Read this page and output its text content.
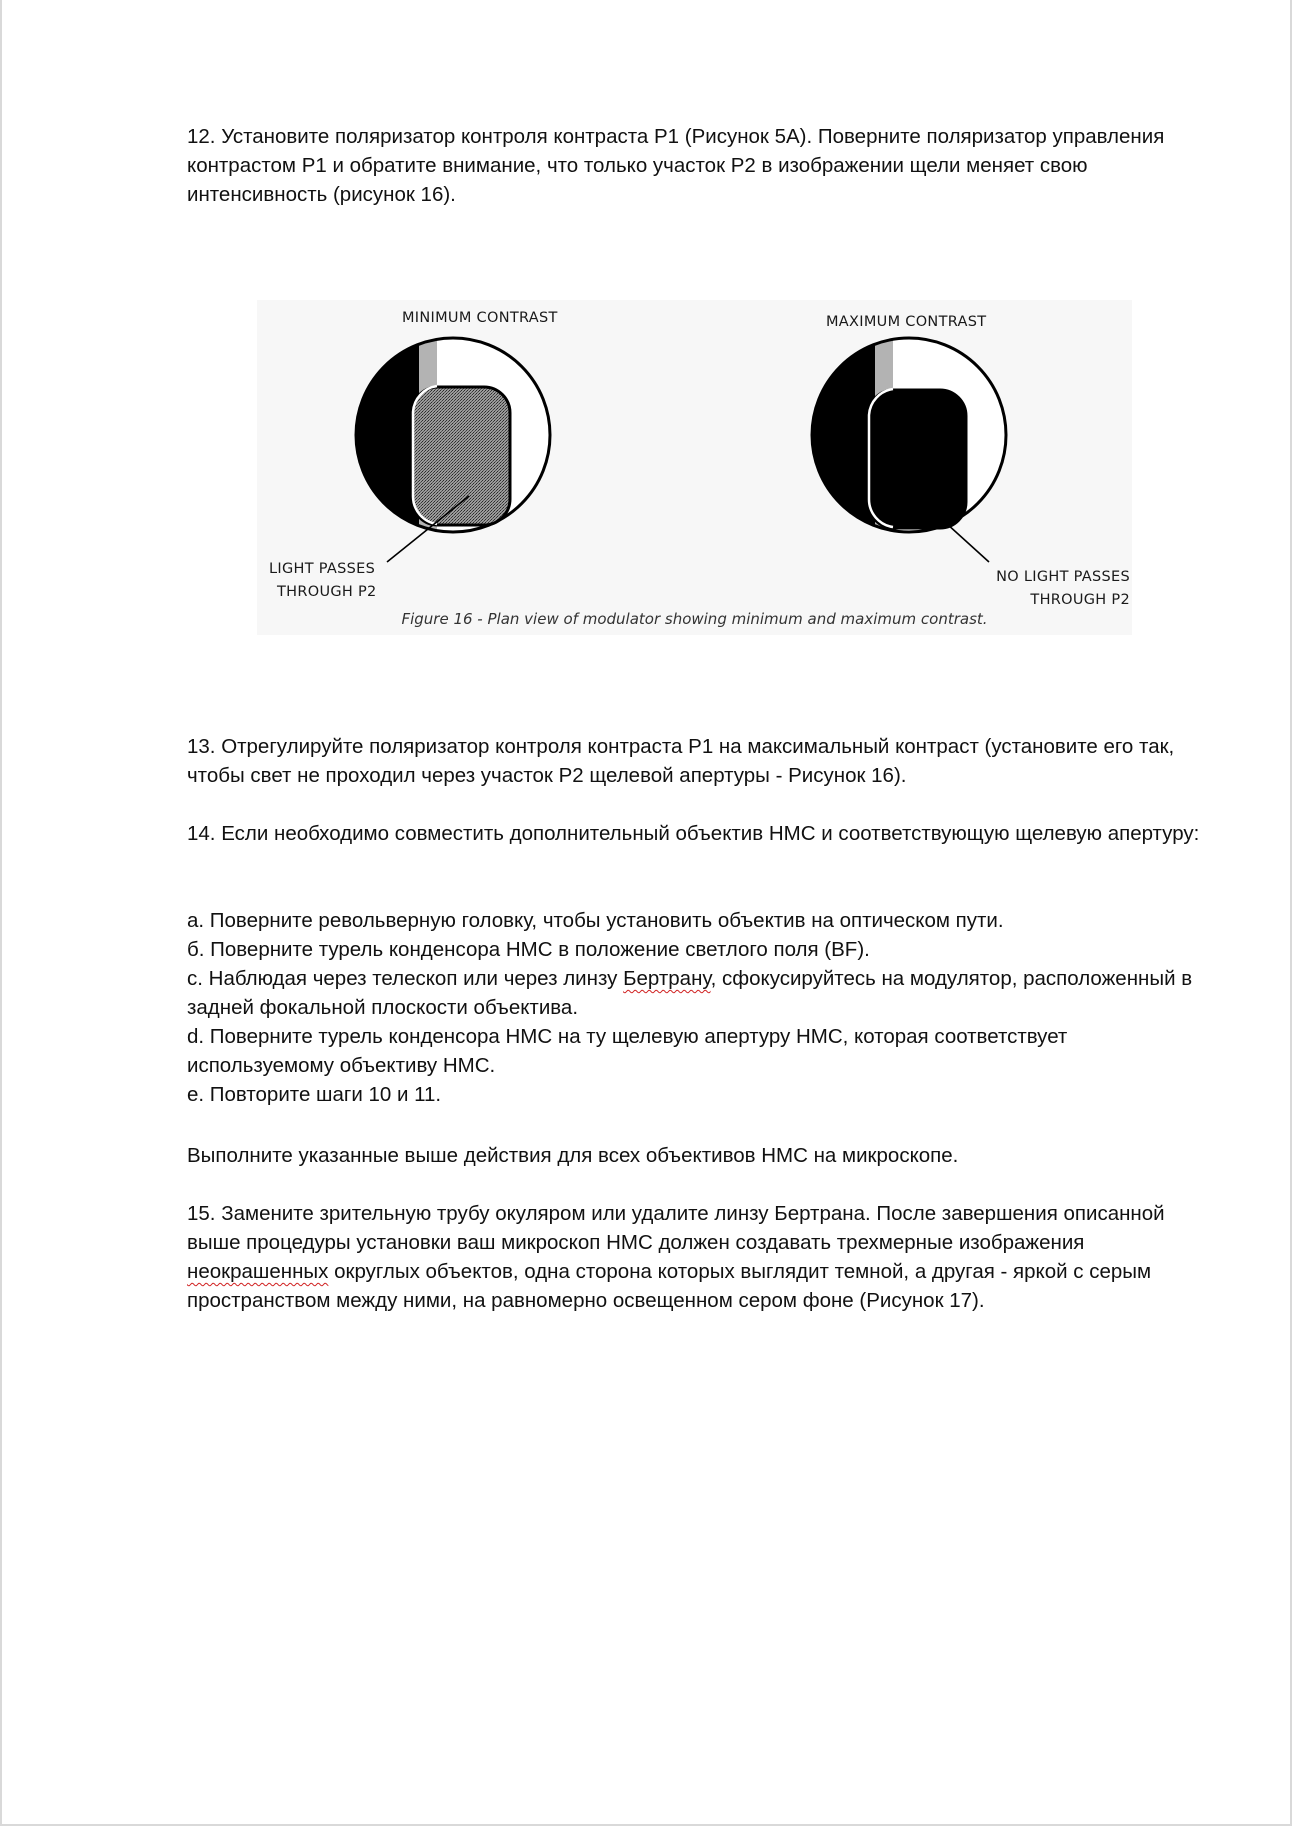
12. Установите поляризатор контроля контраста P1 (Рисунок 5A). Поверните поляризатор управления контрастом P1 и обратите внимание, что только участок P2 в изображении щели меняет свою интенсивность (рисунок 16).

MINIMUM CONTRAST	MAXIMUM CONTRAST
LIGHT PASSES
THROUGH P2
NO LIGHT PASSES
THROUGH P2
Figure 16 - Plan view of modulator showing minimum and maximum contrast.

13. Отрегулируйте поляризатор контроля контраста P1 на максимальный контраст (установите его так, чтобы свет не проходил через участок P2 щелевой апертуры - Рисунок 16).

14. Если необходимо совместить дополнительный объектив HMC и соответствующую щелевую апертуру:

а. Поверните револьверную головку, чтобы установить объектив на оптическом пути.

б. Поверните турель конденсора HMC в положение светлого поля (BF).

c. Наблюдая через телескоп или через линзу Бертрану, сфокусируйтесь на модулятор, расположенный в задней фокальной плоскости объектива.

d. Поверните турель конденсора HMC на ту щелевую апертуру HMC, которая соответствует используемому объективу HMC.

e. Повторите шаги 10 и 11.

Выполните указанные выше действия для всех объективов HMC на микроскопе.

15. Замените зрительную трубу окуляром или удалите линзу Бертрана. После завершения описанной выше процедуры установки ваш микроскоп HMC должен создавать трехмерные изображения неокрашенных округлых объектов, одна сторона которых выглядит темной, а другая - яркой с серым пространством между ними, на равномерно освещенном сером фоне (Рисунок 17).
